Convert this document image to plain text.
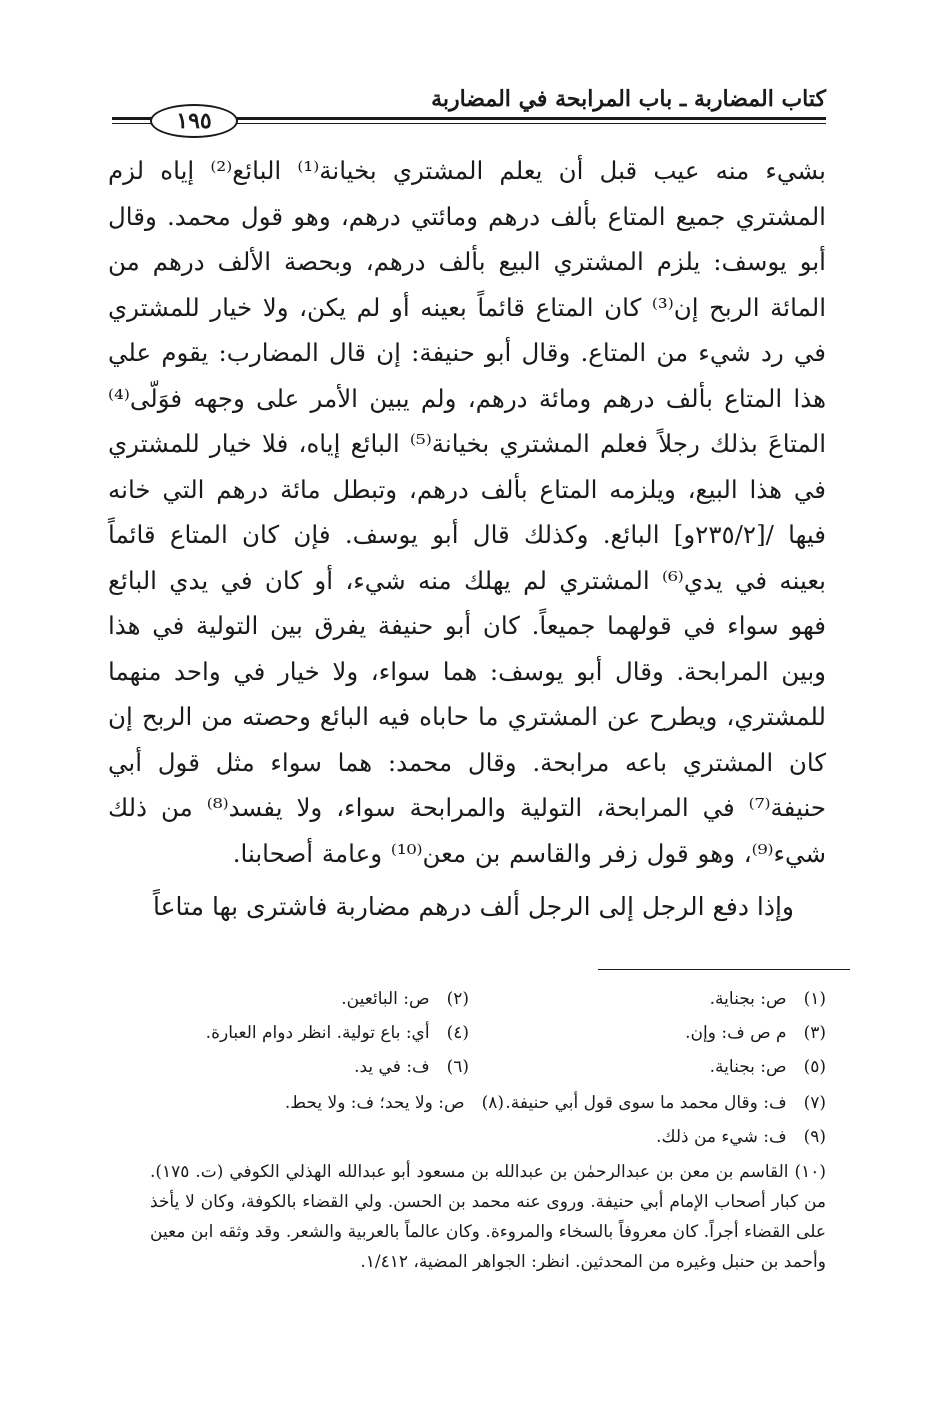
كتاب المضاربة ـ باب المرابحة في المضاربة
١٩٥

بشيء منه عيب قبل أن يعلم المشتري بخيانة⁽¹⁾ البائع⁽²⁾ إياه لزم المشتري جميع المتاع بألف درهم ومائتي درهم، وهو قول محمد. وقال أبو يوسف: يلزم المشتري البيع بألف درهم، وبحصة الألف درهم من المائة الربح إن⁽³⁾ كان المتاع قائماً بعينه أو لم يكن، ولا خيار للمشتري في رد شيء من المتاع. وقال أبو حنيفة: إن قال المضارب: يقوم علي هذا المتاع بألف درهم ومائة درهم، ولم يبين الأمر على وجهه فوَلّى⁽⁴⁾ المتاعَ بذلك رجلاً فعلم المشتري بخيانة⁽⁵⁾ البائع إياه، فلا خيار للمشتري في هذا البيع، ويلزمه المتاع بألف درهم، وتبطل مائة درهم التي خانه فيها /[٢٣٥/٢و] البائع. وكذلك قال أبو يوسف. فإن كان المتاع قائماً بعينه في يدي⁽⁶⁾ المشتري لم يهلك منه شيء، أو كان في يدي البائع فهو سواء في قولهما جميعاً. كان أبو حنيفة يفرق بين التولية في هذا وبين المرابحة. وقال أبو يوسف: هما سواء، ولا خيار في واحد منهما للمشتري، ويطرح عن المشتري ما حاباه فيه البائع وحصته من الربح إن كان المشتري باعه مرابحة. وقال محمد: هما سواء مثل قول أبي حنيفة⁽⁷⁾ في المرابحة، التولية والمرابحة سواء، ولا يفسد⁽⁸⁾ من ذلك شيء⁽⁹⁾، وهو قول زفر والقاسم بن معن⁽¹⁰⁾ وعامة أصحابنا.

وإذا دفع الرجل إلى الرجل ألف درهم مضاربة فاشترى بها متاعاً
(١) ص: بجناية.
(٣) م ص ف: وإن.
(٥) ص: بجناية.
(٧) ف: وقال محمد ما سوى قول أبي حنيفة.
(٩) ف: شيء من ذلك.
(٢) ص: البائعين.
(٤) أي: باع تولية. انظر دوام العبارة.
(٦) ف: في يد.
(٨) ص: ولا يحد؛ ف: ولا يحط.
(١٠) القاسم بن معن بن عبدالرحمٰن بن عبدالله بن مسعود أبو عبدالله الهذلي الكوفي (ت. ١٧٥). من كبار أصحاب الإمام أبي حنيفة. وروى عنه محمد بن الحسن. ولي القضاء بالكوفة، وكان لا يأخذ على القضاء أجراً. كان معروفاً بالسخاء والمروءة. وكان عالماً بالعربية والشعر. وقد وثقه ابن معين وأحمد بن حنبل وغيره من المحدثين. انظر: الجواهر المضية، ١/٤١٢.
